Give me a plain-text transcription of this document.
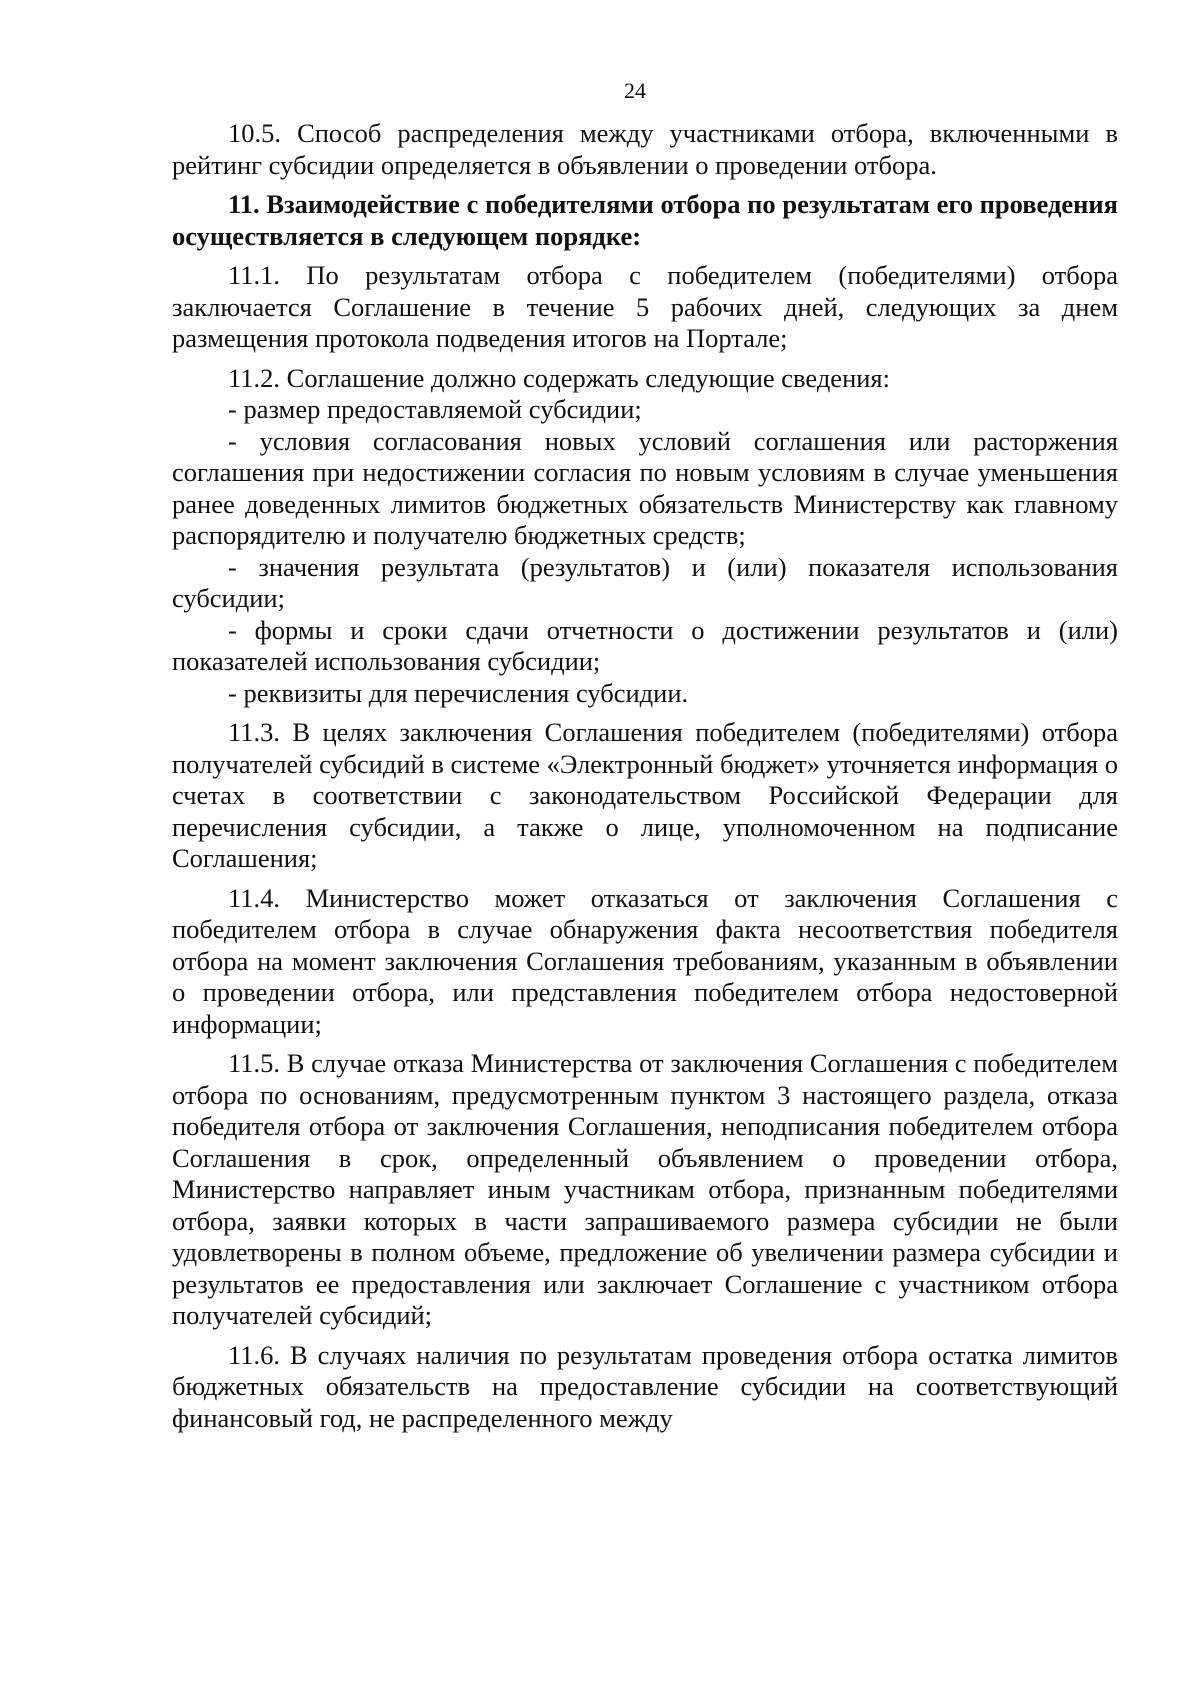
24

10.5. Способ распределения между участниками отбора, включенными в рейтинг субсидии определяется в объявлении о проведении отбора.

11. Взаимодействие с победителями отбора по результатам его проведения осуществляется в следующем порядке:

11.1. По результатам отбора с победителем (победителями) отбора заключается Соглашение в течение 5 рабочих дней, следующих за днем размещения протокола подведения итогов на Портале;

11.2. Соглашение должно содержать следующие сведения:

- размер предоставляемой субсидии;

- условия согласования новых условий соглашения или расторжения соглашения при недостижении согласия по новым условиям в случае уменьшения ранее доведенных лимитов бюджетных обязательств Министерству как главному распорядителю и получателю бюджетных средств;

- значения результата (результатов) и (или) показателя использования субсидии;

- формы и сроки сдачи отчетности о достижении результатов и (или) показателей использования субсидии;

- реквизиты для перечисления субсидии.

11.3. В целях заключения Соглашения победителем (победителями) отбора получателей субсидий в системе «Электронный бюджет» уточняется информация о счетах в соответствии с законодательством Российской Федерации для перечисления субсидии, а также о лице, уполномоченном на подписание Соглашения;

11.4. Министерство может отказаться от заключения Соглашения с победителем отбора в случае обнаружения факта несоответствия победителя отбора на момент заключения Соглашения требованиям, указанным в объявлении о проведении отбора, или представления победителем отбора недостоверной информации;

11.5. В случае отказа Министерства от заключения Соглашения с победителем отбора по основаниям, предусмотренным пунктом 3 настоящего раздела, отказа победителя отбора от заключения Соглашения, неподписания победителем отбора Соглашения в срок, определенный объявлением о проведении отбора, Министерство направляет иным участникам отбора, признанным победителями отбора, заявки которых в части запрашиваемого размера субсидии не были удовлетворены в полном объеме, предложение об увеличении размера субсидии и результатов ее предоставления или заключает Соглашение с участником отбора получателей субсидий;

11.6. В случаях наличия по результатам проведения отбора остатка лимитов бюджетных обязательств на предоставление субсидии на соответствующий финансовый год, не распределенного между
